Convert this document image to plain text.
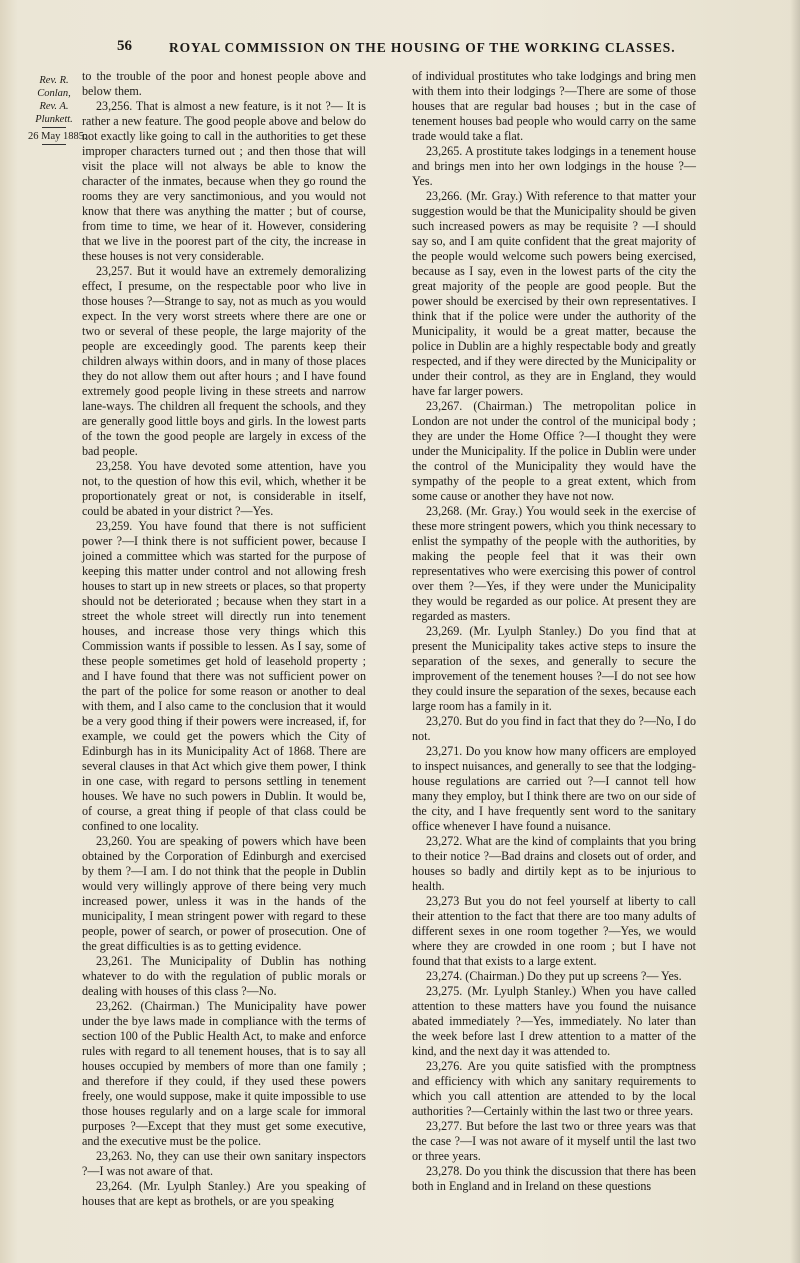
56	ROYAL COMMISSION ON THE HOUSING OF THE WORKING CLASSES.
Rev. R. Conlan,
Rev. A. Plunkett.
26 May 1885.

to the trouble of the poor and honest people above and below them.

23,256. That is almost a new feature, is it not ?— It is rather a new feature. The good people above and below do not exactly like going to call in the authorities to get these improper characters turned out ; and then those that will visit the place will not always be able to know the character of the inmates, because when they go round the rooms they are very sanctimonious, and you would not know that there was anything the matter ; but of course, from time to time, we hear of it. However, considering that we live in the poorest part of the city, the increase in these houses is not very considerable.

23,257. But it would have an extremely demoralizing effect, I presume, on the respectable poor who live in those houses ?—Strange to say, not as much as you would expect. In the very worst streets where there are one or two or several of these people, the large majority of the people are exceedingly good. The parents keep their children always within doors, and in many of those places they do not allow them out after hours ; and I have found extremely good people living in these streets and narrow lane-ways. The children all frequent the schools, and they are generally good little boys and girls. In the lowest parts of the town the good people are largely in excess of the bad people.

23,258. You have devoted some attention, have you not, to the question of how this evil, which, whether it be proportionately great or not, is considerable in itself, could be abated in your district ?—Yes.

23,259. You have found that there is not sufficient power ?—I think there is not sufficient power, because I joined a committee which was started for the purpose of keeping this matter under control and not allowing fresh houses to start up in new streets or places, so that property should not be deteriorated ; because when they start in a street the whole street will directly run into tenement houses, and increase those very things which this Commission wants if possible to lessen. As I say, some of these people sometimes get hold of leasehold property ; and I have found that there was not sufficient power on the part of the police for some reason or another to deal with them, and I also came to the conclusion that it would be a very good thing if their powers were increased, if, for example, we could get the powers which the City of Edinburgh has in its Municipality Act of 1868. There are several clauses in that Act which give them power, I think in one case, with regard to persons settling in tenement houses. We have no such powers in Dublin. It would be, of course, a great thing if people of that class could be confined to one locality.

23,260. You are speaking of powers which have been obtained by the Corporation of Edinburgh and exercised by them ?—I am. I do not think that the people in Dublin would very willingly approve of there being very much increased power, unless it was in the hands of the municipality, I mean stringent power with regard to these people, power of search, or power of prosecution. One of the great difficulties is as to getting evidence.

23,261. The Municipality of Dublin has nothing whatever to do with the regulation of public morals or dealing with houses of this class ?—No.

23,262. (Chairman.) The Municipality have power under the bye laws made in compliance with the terms of section 100 of the Public Health Act, to make and enforce rules with regard to all tenement houses, that is to say all houses occupied by members of more than one family ; and therefore if they could, if they used these powers freely, one would suppose, make it quite impossible to use those houses regularly and on a large scale for immoral purposes ?—Except that they must get some executive, and the executive must be the police.

23,263. No, they can use their own sanitary inspectors ?—I was not aware of that.

23,264. (Mr. Lyulph Stanley.) Are you speaking of houses that are kept as brothels, or are you speaking

of individual prostitutes who take lodgings and bring men with them into their lodgings ?—There are some of those houses that are regular bad houses ; but in the case of tenement houses bad people who would carry on the same trade would take a flat.

23,265. A prostitute takes lodgings in a tenement house and brings men into her own lodgings in the house ?—Yes.

23,266. (Mr. Gray.) With reference to that matter your suggestion would be that the Municipality should be given such increased powers as may be requisite ? —I should say so, and I am quite confident that the great majority of the people would welcome such powers being exercised, because as I say, even in the lowest parts of the city the great majority of the people are good people. But the power should be exercised by their own representatives. I think that if the police were under the authority of the Municipality, it would be a great matter, because the police in Dublin are a highly respectable body and greatly respected, and if they were directed by the Municipality or under their control, as they are in England, they would have far larger powers.

23,267. (Chairman.) The metropolitan police in London are not under the control of the municipal body ; they are under the Home Office ?—I thought they were under the Municipality. If the police in Dublin were under the control of the Municipality they would have the sympathy of the people to a great extent, which from some cause or another they have not now.

23,268. (Mr. Gray.) You would seek in the exercise of these more stringent powers, which you think necessary to enlist the sympathy of the people with the authorities, by making the people feel that it was their own representatives who were exercising this power of control over them ?—Yes, if they were under the Municipality they would be regarded as our police. At present they are regarded as masters.

23,269. (Mr. Lyulph Stanley.) Do you find that at present the Municipality takes active steps to insure the separation of the sexes, and generally to secure the improvement of the tenement houses ?—I do not see how they could insure the separation of the sexes, because each large room has a family in it.

23,270. But do you find in fact that they do ?—No, I do not.

23,271. Do you know how many officers are employed to inspect nuisances, and generally to see that the lodging-house regulations are carried out ?—I cannot tell how many they employ, but I think there are two on our side of the city, and I have frequently sent word to the sanitary office whenever I have found a nuisance.

23,272. What are the kind of complaints that you bring to their notice ?—Bad drains and closets out of order, and houses so badly and dirtily kept as to be injurious to health.

23,273 But you do not feel yourself at liberty to call their attention to the fact that there are too many adults of different sexes in one room together ?—Yes, we would where they are crowded in one room ; but I have not found that that exists to a large extent.

23,274. (Chairman.) Do they put up screens ?— Yes.

23,275. (Mr. Lyulph Stanley.) When you have called attention to these matters have you found the nuisance abated immediately ?—Yes, immediately. No later than the week before last I drew attention to a matter of the kind, and the next day it was attended to.

23,276. Are you quite satisfied with the promptness and efficiency with which any sanitary requirements to which you call attention are attended to by the local authorities ?—Certainly within the last two or three years.

23,277. But before the last two or three years was that the case ?—I was not aware of it myself until the last two or three years.

23,278. Do you think the discussion that there has been both in England and in Ireland on these questions
